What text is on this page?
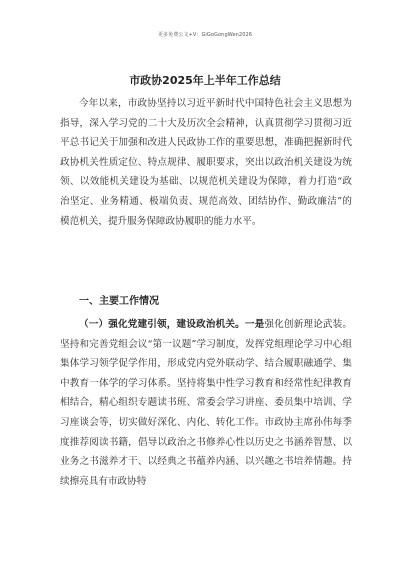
更多免费公文+V：GiGoGongWen2026
市政协2025年上半年工作总结

今年以来，市政协坚持以习近平新时代中国特色社会主义思想为指导，深入学习党的二十大及历次全会精神，认真贯彻学习贯彻习近平总书记关于加强和改进人民政协工作的重要思想，准确把握新时代政协机关性质定位、特点规律、履职要求，突出以政治机关建设为统领、以效能机关建设为基础、以规范机关建设为保障，着力打造“政治坚定、业务精通、极端负责、规范高效、团结协作、勤政廉洁”的模范机关，提升服务保障政协履职的能力水平。

一、主要工作情况

（一）强化党建引领，建设政治机关。一是强化创新理论武装。坚持和完善党组会议“第一议题”学习制度，发挥党组理论学习中心组集体学习领学促学作用，形成党内党外联动学、结合履职融通学、集中教育一体学的学习体系。坚持将集中性学习教育和经常性纪律教育相结合，精心组织专题读书班、常委会学习讲座、委员集中培训、学习座谈会等，切实做好深化、内化、转化工作。市政协主席孙伟每季度推荐阅读书籍，倡导以政治之书修养心性以历史之书涵养智慧、以业务之书滋养才干、以经典之书蕴养内涵、以兴趣之书培养情趣。持续擦亮具有市政协特
